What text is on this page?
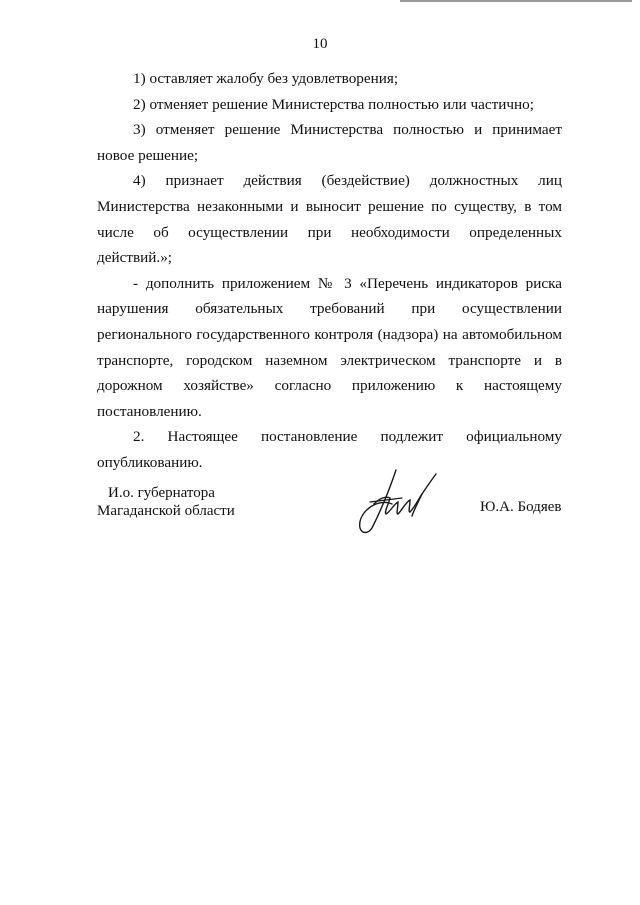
10

1) оставляет жалобу без удовлетворения;

2) отменяет решение Министерства полностью или частично;

3) отменяет решение Министерства полностью и принимает новое решение;

4) признает действия (бездействие) должностных лиц Министерства незаконными и выносит решение по существу, в том числе об осуществлении при необходимости определенных действий.»;

- дополнить приложением № 3 «Перечень индикаторов риска нарушения обязательных требований при осуществлении регионального государственного контроля (надзора) на автомобильном транспорте, городском наземном электрическом транспорте и в дорожном хозяйстве» согласно приложению к настоящему постановлению.

2. Настоящее постановление подлежит официальному опубликованию.

И.о. губернатора
Магаданской области	Ю.А. Бодяев
